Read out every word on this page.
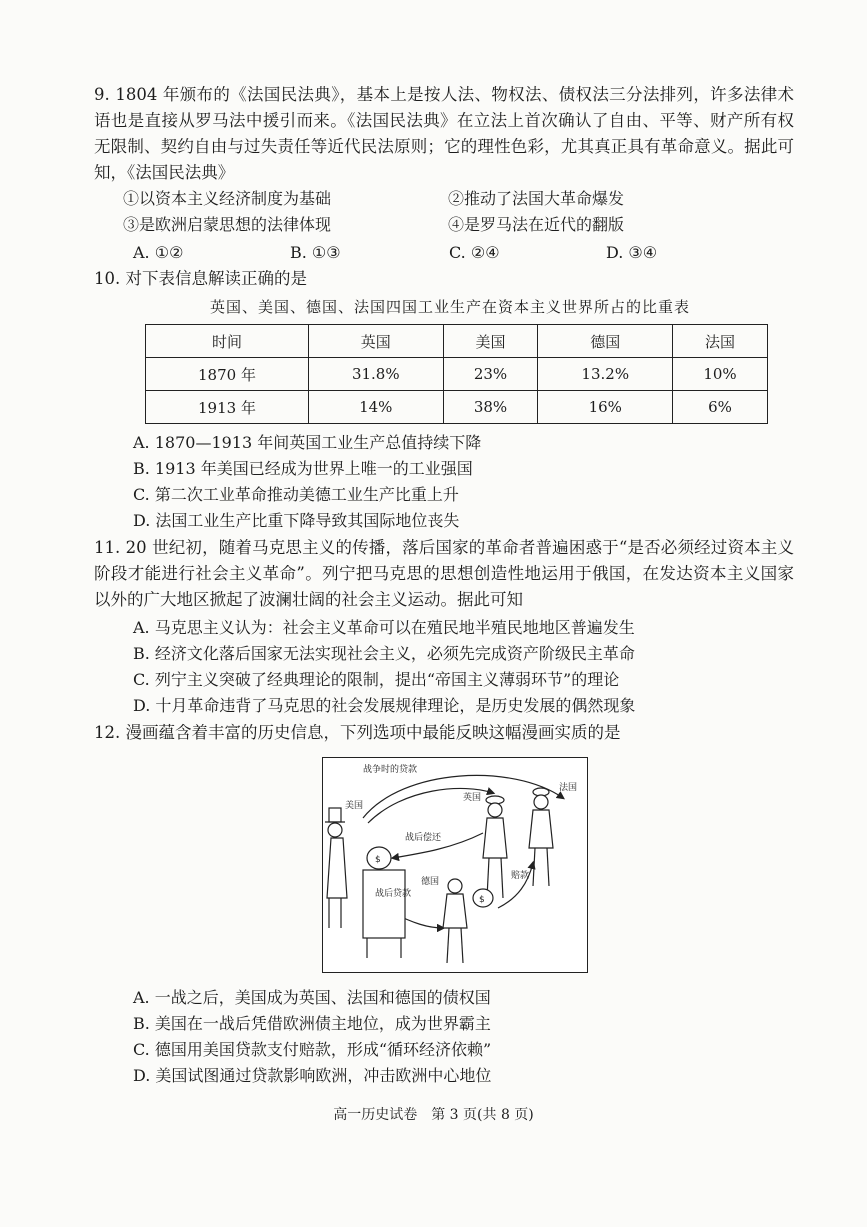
9. 1804 年颁布的《法国民法典》，基本上是按人法、物权法、债权法三分法排列，许多法律术语也是直接从罗马法中援引而来。《法国民法典》在立法上首次确认了自由、平等、财产所有权无限制、契约自由与过失责任等近代民法原则；它的理性色彩，尤其真正具有革命意义。据此可知，《法国民法典》
①以资本主义经济制度为基础	②推动了法国大革命爆发
③是欧洲启蒙思想的法律体现	④是罗马法在近代的翻版
A. ①②	B. ①③	C. ②④	D. ③④
10. 对下表信息解读正确的是
英国、美国、德国、法国四国工业生产在资本主义世界所占的比重表
时间	英国	美国	德国	法国
1870 年	31.8%	23%	13.2%	10%
1913 年	14%	38%	16%	6%
A. 1870—1913 年间英国工业生产总值持续下降
B. 1913 年美国已经成为世界上唯一的工业强国
C. 第二次工业革命推动美德工业生产比重上升
D. 法国工业生产比重下降导致其国际地位丧失
11. 20 世纪初，随着马克思主义的传播，落后国家的革命者普遍困惑于“是否必须经过资本主义阶段才能进行社会主义革命”。列宁把马克思的思想创造性地运用于俄国，在发达资本主义国家以外的广大地区掀起了波澜壮阔的社会主义运动。据此可知
A. 马克思主义认为：社会主义革命可以在殖民地半殖民地地区普遍发生
B. 经济文化落后国家无法实现社会主义，必须先完成资产阶级民主革命
C. 列宁主义突破了经典理论的限制，提出“帝国主义薄弱环节”的理论
D. 十月革命违背了马克思的社会发展规律理论，是历史发展的偶然现象
12. 漫画蕴含着丰富的历史信息，下列选项中最能反映这幅漫画实质的是
战争时的贷款
美国
英国
法国
战后偿还
德国
赔款
战后贷款
$
$
A. 一战之后，美国成为英国、法国和德国的债权国
B. 美国在一战后凭借欧洲债主地位，成为世界霸主
C. 德国用美国贷款支付赔款，形成“循环经济依赖”
D. 美国试图通过贷款影响欧洲，冲击欧洲中心地位
高一历史试卷　第 3 页(共 8 页)
